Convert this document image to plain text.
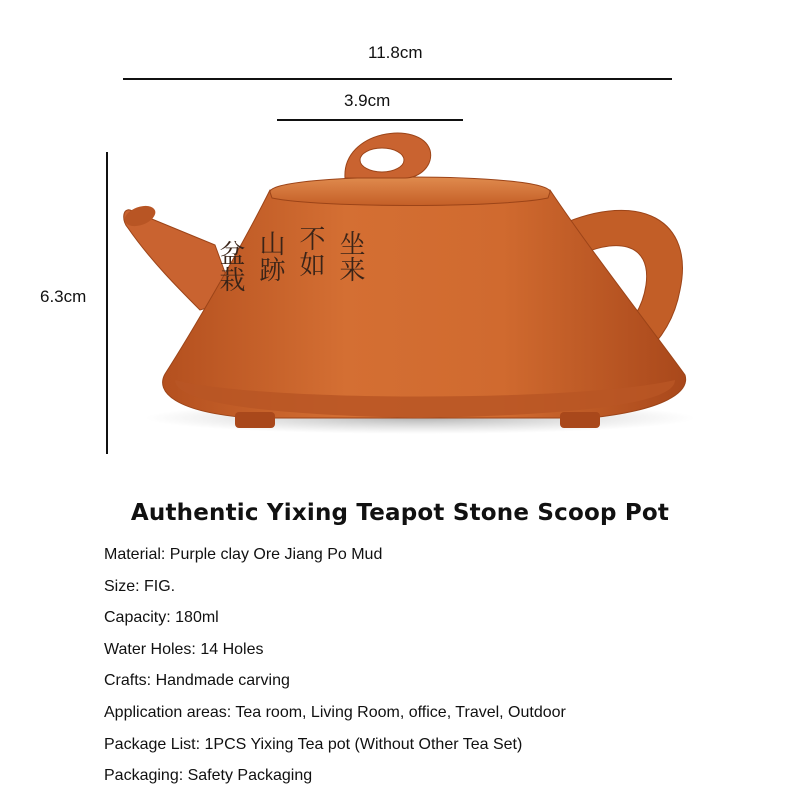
11.8cm
3.9cm
6.3cm
盆栽 山跡 不如 坐来
Authentic Yixing Teapot Stone Scoop Pot
Material: Purple clay Ore Jiang Po Mud
Size: FIG.
Capacity: 180ml
Water Holes: 14 Holes
Crafts: Handmade carving
Application areas: Tea room, Living Room, office, Travel, Outdoor
Package List: 1PCS Yixing Tea pot (Without Other Tea Set)
Packaging: Safety Packaging
